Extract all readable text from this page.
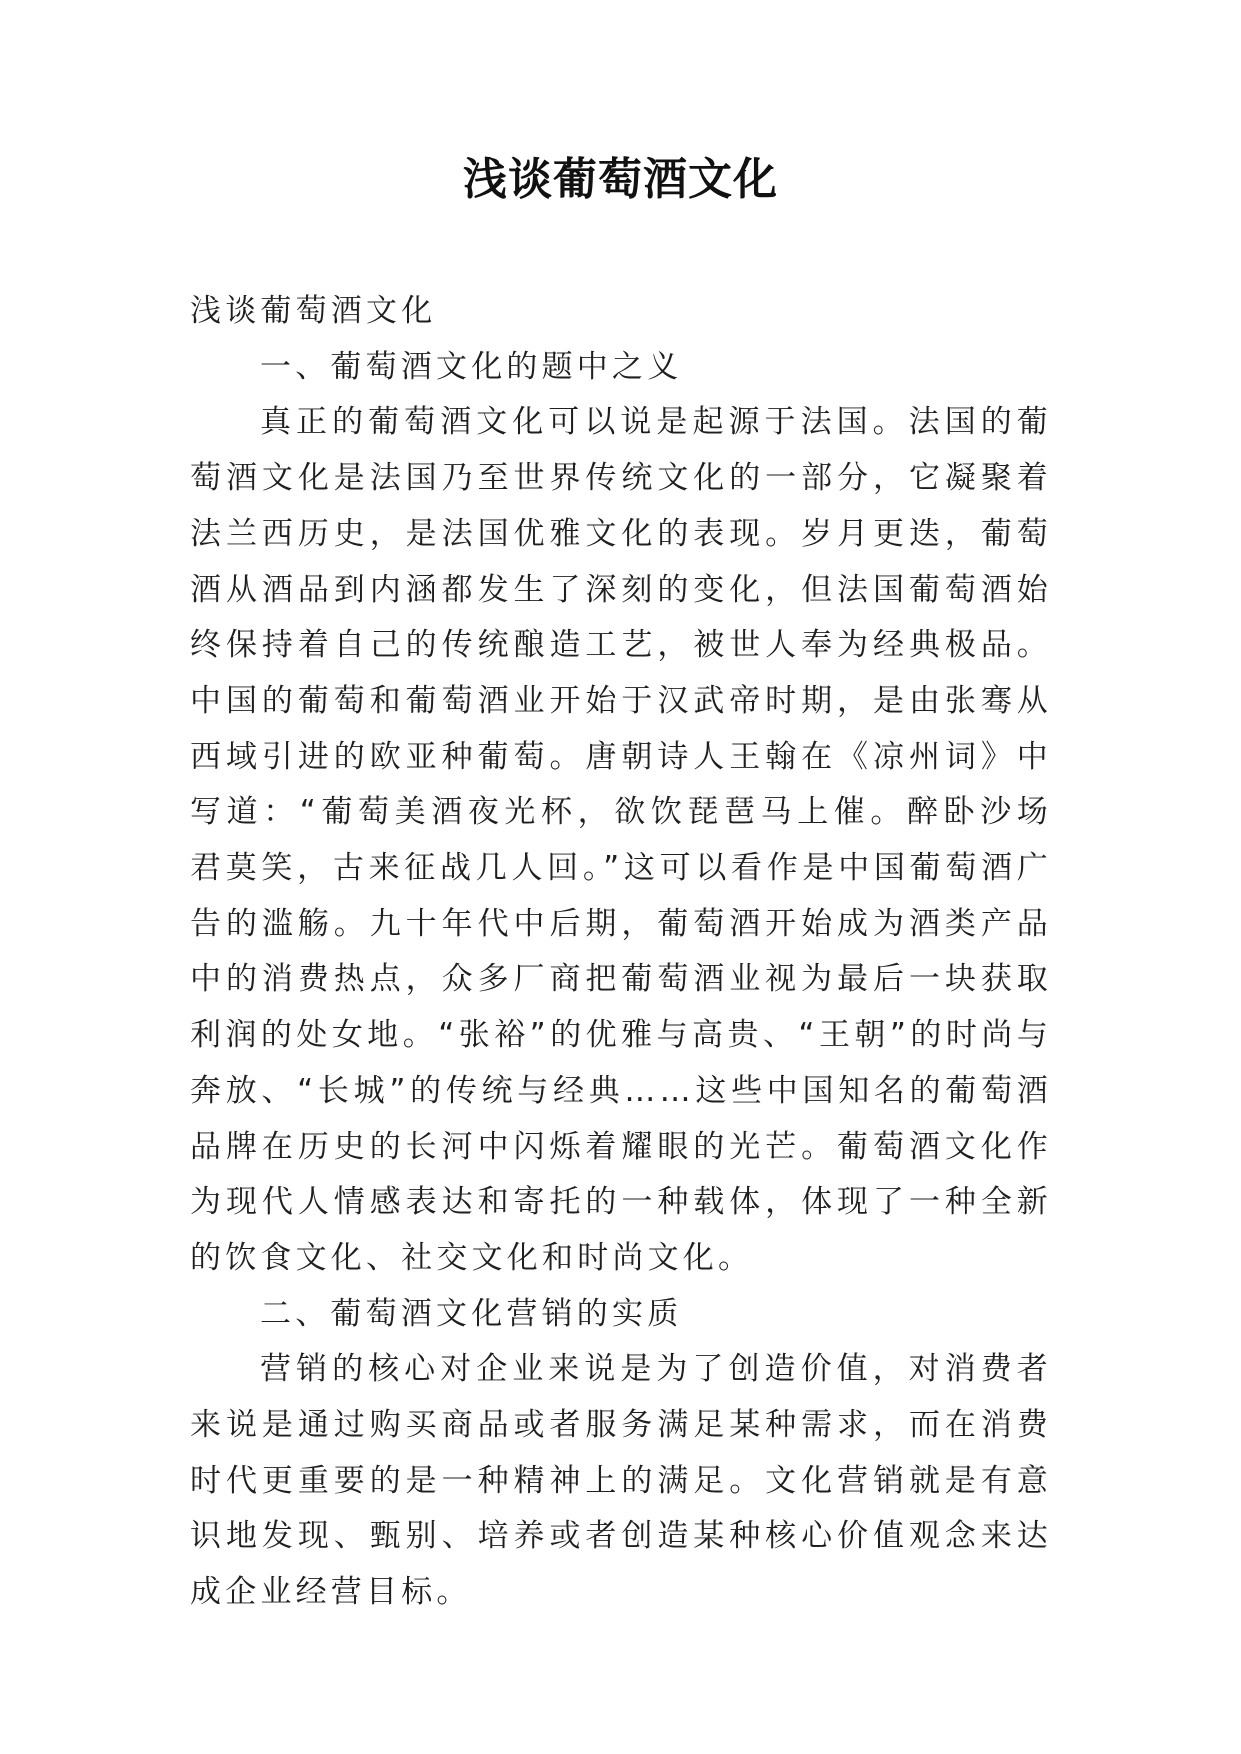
浅谈葡萄酒文化

浅谈葡萄酒文化

一、葡萄酒文化的题中之义

真正的葡萄酒文化可以说是起源于法国。法国的葡萄酒文化是法国乃至世界传统文化的一部分，它凝聚着法兰西历史，是法国优雅文化的表现。岁月更迭，葡萄酒从酒品到内涵都发生了深刻的变化，但法国葡萄酒始终保持着自己的传统酿造工艺，被世人奉为经典极品。中国的葡萄和葡萄酒业开始于汉武帝时期，是由张骞从西域引进的欧亚种葡萄。唐朝诗人王翰在《凉州词》中写道：“葡萄美酒夜光杯，欲饮琵琶马上催。醉卧沙场君莫笑，古来征战几人回。”这可以看作是中国葡萄酒广告的滥觞。九十年代中后期，葡萄酒开始成为酒类产品中的消费热点，众多厂商把葡萄酒业视为最后一块获取利润的处女地。“张裕”的优雅与高贵、“王朝”的时尚与奔放、“长城”的传统与经典……这些中国知名的葡萄酒品牌在历史的长河中闪烁着耀眼的光芒。葡萄酒文化作为现代人情感表达和寄托的一种载体，体现了一种全新的饮食文化、社交文化和时尚文化。

二、葡萄酒文化营销的实质

营销的核心对企业来说是为了创造价值，对消费者来说是通过购买商品或者服务满足某种需求，而在消费时代更重要的是一种精神上的满足。文化营销就是有意识地发现、甄别、培养或者创造某种核心价值观念来达成企业经营目标。
